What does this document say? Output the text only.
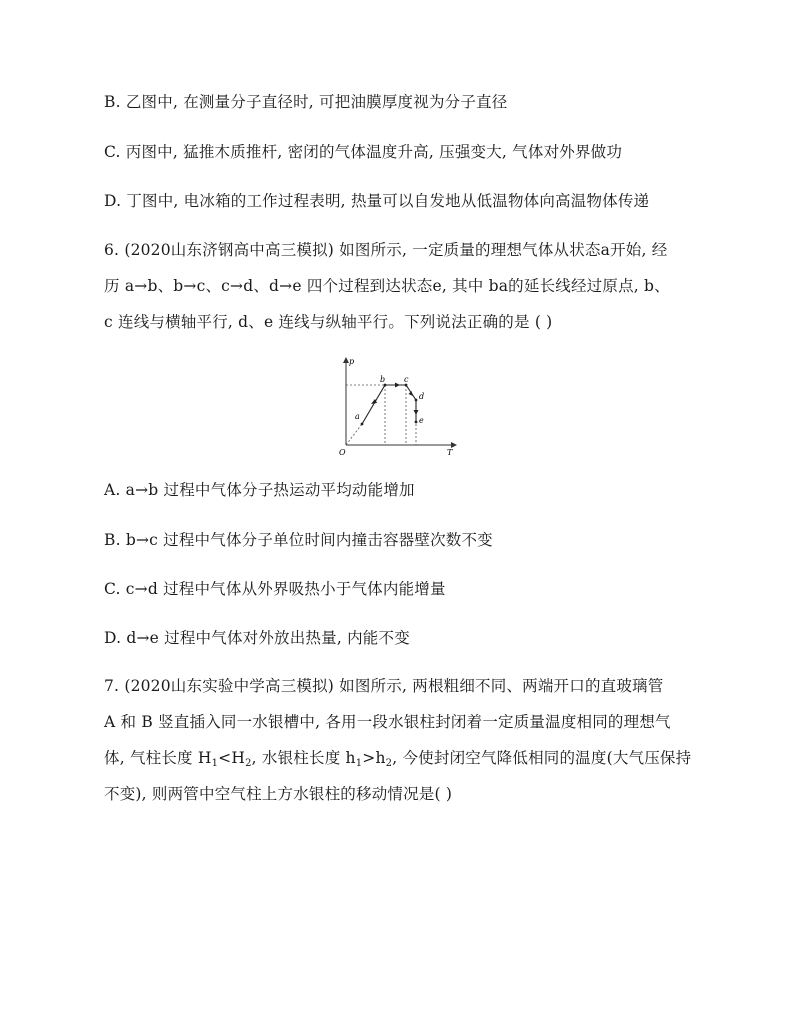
B. 乙图中, 在测量分子直径时, 可把油膜厚度视为分子直径
C. 丙图中, 猛推木质推杆, 密闭的气体温度升高, 压强变大, 气体对外界做功
D. 丁图中, 电冰箱的工作过程表明, 热量可以自发地从低温物体向高温物体传递
6. (2020山东济钢高中高三模拟) 如图所示, 一定质量的理想气体从状态a开始, 经
历 a→b、b→c、c→d、d→e 四个过程到达状态e, 其中 ba的延长线经过原点, b、
c 连线与横轴平行, d、e 连线与纵轴平行。下列说法正确的是 ( )
p
T
O
a
b c
d
e
A. a→b 过程中气体分子热运动平均动能增加
B. b→c 过程中气体分子单位时间内撞击容器壁次数不变
C. c→d 过程中气体从外界吸热小于气体内能增量
D. d→e 过程中气体对外放出热量, 内能不变
7. (2020山东实验中学高三模拟) 如图所示, 两根粗细不同、两端开口的直玻璃管
A 和 B 竖直插入同一水银槽中, 各用一段水银柱封闭着一定质量温度相同的理想气
体, 气柱长度 $H_1<H_2$, 水银柱长度 $h_1>h_2$, 今使封闭空气降低相同的温度(大气压保持
不变), 则两管中空气柱上方水银柱的移动情况是( )
